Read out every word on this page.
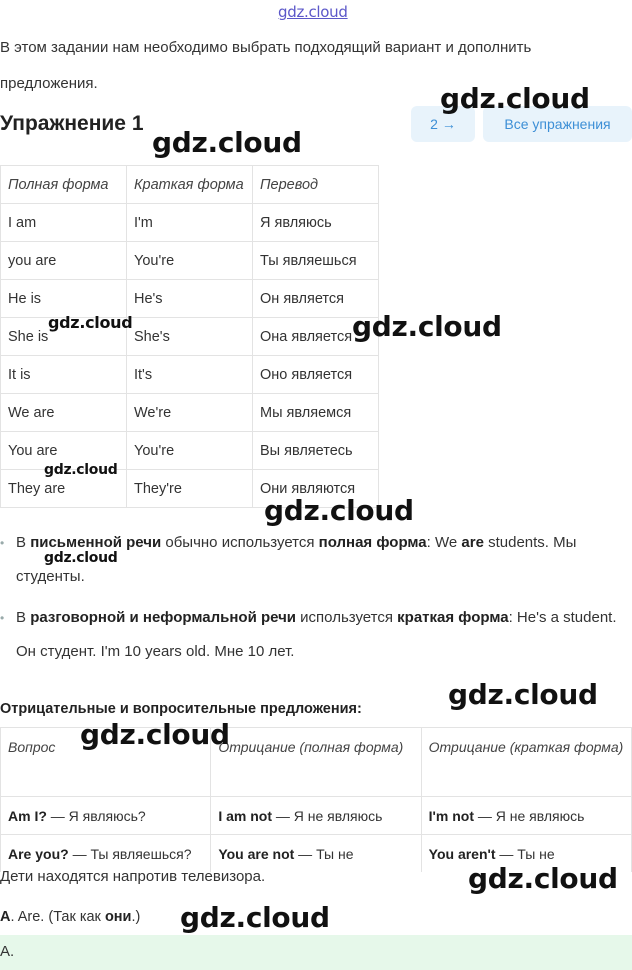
gdz.cloud
В этом задании нам необходимо выбрать подходящий вариант и дополнить предложения.
Упражнение 1	2 →	Все упражнения
Полная форма	Краткая форма	Перевод
I am	I'm	Я являюсь
you are	You're	Ты являешься
He is	He's	Он является
She is	She's	Она является
It is	It's	Оно является
We are	We're	Мы являемся
You are	You're	Вы являетесь
They are	They're	Они являются
• В письменной речи обычно используется полная форма: We are students. Мы студенты.
• В разговорной и неформальной речи используется краткая форма: He's a student. Он студент. I'm 10 years old. Мне 10 лет.
Отрицательные и вопросительные предложения:
Вопрос	Отрицание (полная форма)	Отрицание (краткая форма)
Am I? — Я являюсь?	I am not — Я не являюсь	I'm not — Я не являюсь
Are you? — Ты являешься?	You are not — Ты не	You aren't — Ты не
Дети находятся напротив телевизора.
A. Are. (Так как они.)
A.
gdz.cloud
gdz.cloud
gdz.cloud	gdz.cloud
gdz.cloud
gdz.cloud
gdz.cloud
gdz.cloud
gdz.cloud
gdz.cloud
gdz.cloud
